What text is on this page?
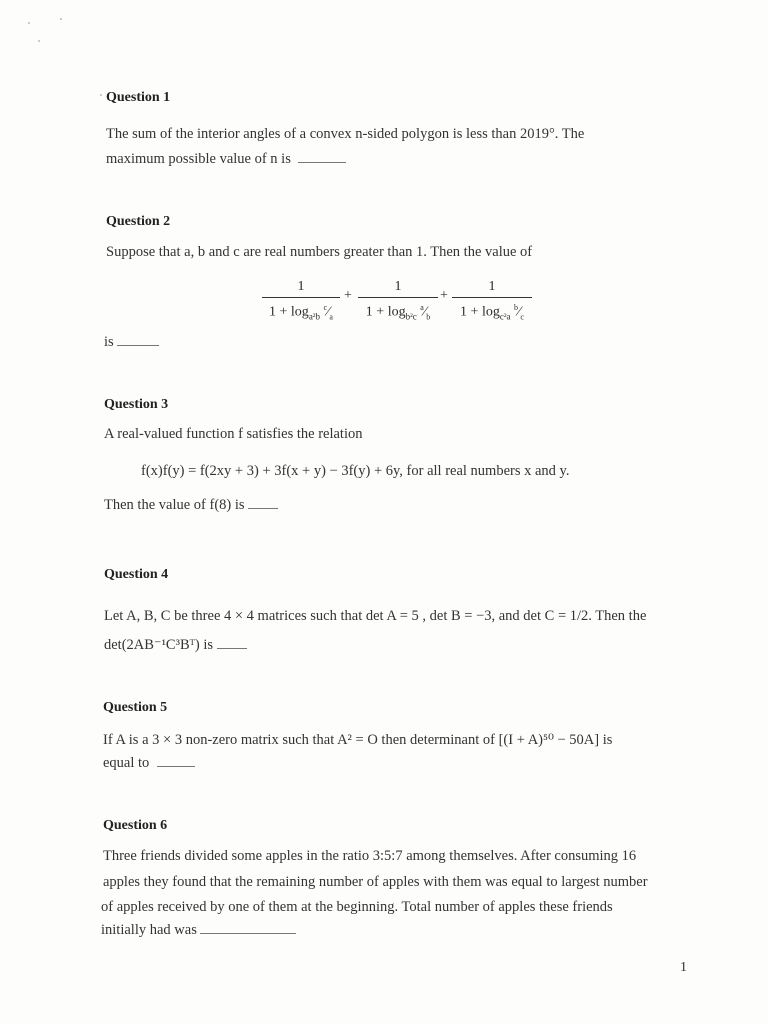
Question 1
The sum of the interior angles of a convex n-sided polygon is less than 2019°. The
maximum possible value of n is
Question 2
Suppose that a, b and c are real numbers greater than 1. Then the value of
1
$1 + \log_{a^2b}$ $^c⁄_a$
+
1
$1 + \log_{b^2c}$ $^a⁄_b$
+
1
$1 + \log_{c^2a}$ $^b⁄_c$
is
Question 3
A real-valued function f satisfies the relation
f(x)f(y) = f(2xy + 3) + 3f(x + y) − 3f(y) + 6y, for all real numbers x and y.
Then the value of f(8) is
Question 4
Let A, B, C be three 4 × 4 matrices such that det A = 5 , det B = −3, and det C = 1/2. Then the
det(2AB⁻¹C³Bᵀ) is
Question 5
If A is a 3 × 3 non-zero matrix such that A² = O then determinant of [(I + A)⁵⁰ − 50A] is
equal to
Question 6
Three friends divided some apples in the ratio 3:5:7 among themselves. After consuming 16
apples they found that the remaining number of apples with them was equal to largest number
of apples received by one of them at the beginning. Total number of apples these friends
initially had was
1
